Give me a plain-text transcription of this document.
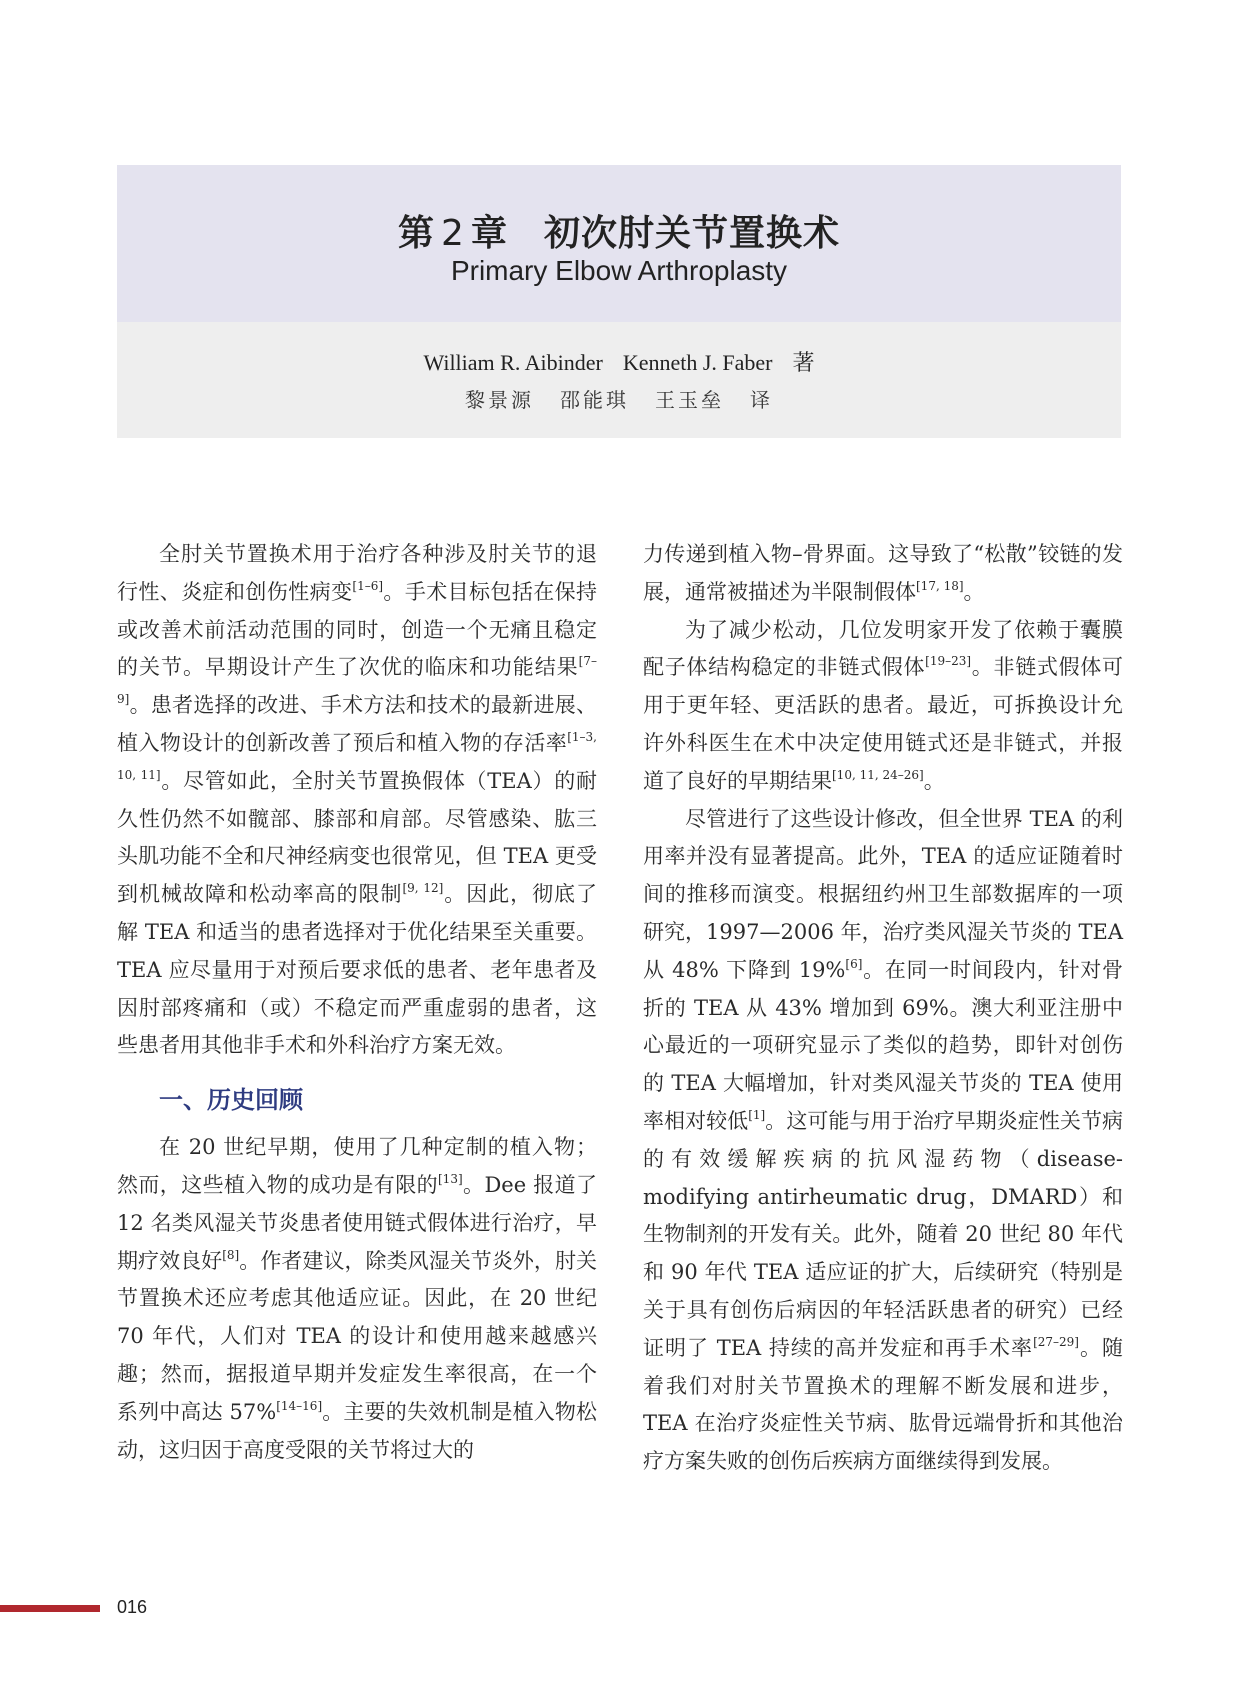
第 2 章 初次肘关节置换术
Primary Elbow Arthroplasty
William R. Aibinder Kenneth J. Faber 著
黎景源 邵能琪 王玉垒 译

全肘关节置换术用于治疗各种涉及肘关节的退行性、炎症和创伤性病变[1–6]。手术目标包括在保持或改善术前活动范围的同时，创造一个无痛且稳定的关节。早期设计产生了次优的临床和功能结果[7–9]。患者选择的改进、手术方法和技术的最新进展、植入物设计的创新改善了预后和植入物的存活率[1–3, 10, 11]。尽管如此，全肘关节置换假体（TEA）的耐久性仍然不如髋部、膝部和肩部。尽管感染、肱三头肌功能不全和尺神经病变也很常见，但 TEA 更受到机械故障和松动率高的限制[9, 12]。因此，彻底了解 TEA 和适当的患者选择对于优化结果至关重要。TEA 应尽量用于对预后要求低的患者、老年患者及因肘部疼痛和（或）不稳定而严重虚弱的患者，这些患者用其他非手术和外科治疗方案无效。

一、历史回顾

在 20 世纪早期，使用了几种定制的植入物；然而，这些植入物的成功是有限的[13]。Dee 报道了 12 名类风湿关节炎患者使用链式假体进行治疗，早期疗效良好[8]。作者建议，除类风湿关节炎外，肘关节置换术还应考虑其他适应证。因此，在 20 世纪 70 年代，人们对 TEA 的设计和使用越来越感兴趣；然而，据报道早期并发症发生率很高，在一个系列中高达 57%[14–16]。主要的失效机制是植入物松动，这归因于高度受限的关节将过大的

力传递到植入物–骨界面。这导致了“松散”铰链的发展，通常被描述为半限制假体[17, 18]。

为了减少松动，几位发明家开发了依赖于囊膜配子体结构稳定的非链式假体[19–23]。非链式假体可用于更年轻、更活跃的患者。最近，可拆换设计允许外科医生在术中决定使用链式还是非链式，并报道了良好的早期结果[10, 11, 24–26]。

尽管进行了这些设计修改，但全世界 TEA 的利用率并没有显著提高。此外，TEA 的适应证随着时间的推移而演变。根据纽约州卫生部数据库的一项研究，1997—2006 年，治疗类风湿关节炎的 TEA 从 48% 下降到 19%[6]。在同一时间段内，针对骨折的 TEA 从 43% 增加到 69%。澳大利亚注册中心最近的一项研究显示了类似的趋势，即针对创伤的 TEA 大幅增加，针对类风湿关节炎的 TEA 使用率相对较低[1]。这可能与用于治疗早期炎症性关节病的有效缓解疾病的抗风湿药物（disease-modifying antirheumatic drug，DMARD）和生物制剂的开发有关。此外，随着 20 世纪 80 年代和 90 年代 TEA 适应证的扩大，后续研究（特别是关于具有创伤后病因的年轻活跃患者的研究）已经证明了 TEA 持续的高并发症和再手术率[27–29]。随着我们对肘关节置换术的理解不断发展和进步，TEA 在治疗炎症性关节病、肱骨远端骨折和其他治疗方案失败的创伤后疾病方面继续得到发展。

016
